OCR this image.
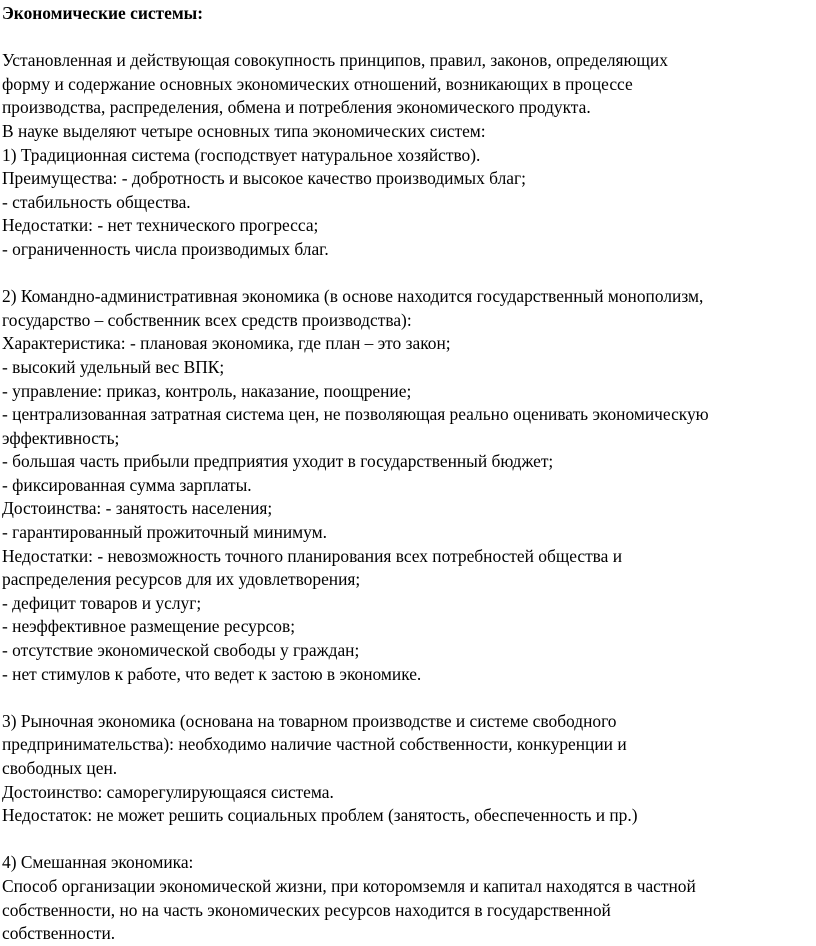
Экономические системы:
Установленная и действующая совокупность принципов, правил, законов, определяющих
форму и содержание основных экономических отношений, возникающих в процессе
производства, распределения, обмена и потребления экономического продукта.
В науке выделяют четыре основных типа экономических систем:
1) Традиционная система (господствует натуральное хозяйство).
Преимущества: - добротность и высокое качество производимых благ;
- стабильность общества.
Недостатки: - нет технического прогресса;
- ограниченность числа производимых благ.
2) Командно-административная экономика (в основе находится государственный монополизм,
государство – собственник всех средств производства):
Характеристика: - плановая экономика, где план – это закон;
- высокий удельный вес ВПК;
- управление: приказ, контроль, наказание, поощрение;
- централизованная затратная система цен, не позволяющая реально оценивать экономическую
эффективность;
- большая часть прибыли предприятия уходит в государственный бюджет;
- фиксированная сумма зарплаты.
Достоинства: - занятость населения;
- гарантированный прожиточный минимум.
Недостатки: - невозможность точного планирования всех потребностей общества и
распределения ресурсов для их удовлетворения;
- дефицит товаров и услуг;
- неэффективное размещение ресурсов;
- отсутствие экономической свободы у граждан;
- нет стимулов к работе, что ведет к застою в экономике.
3) Рыночная экономика (основана на товарном производстве и системе свободного
предпринимательства): необходимо наличие частной собственности, конкуренции и
свободных цен.
Достоинство: саморегулирующаяся система.
Недостаток: не может решить социальных проблем (занятость, обеспеченность и пр.)
4) Смешанная экономика:
Способ организации экономической жизни, при которомземля и капитал находятся в частной
собственности, но на часть экономических ресурсов находится в государственной
собственности.
